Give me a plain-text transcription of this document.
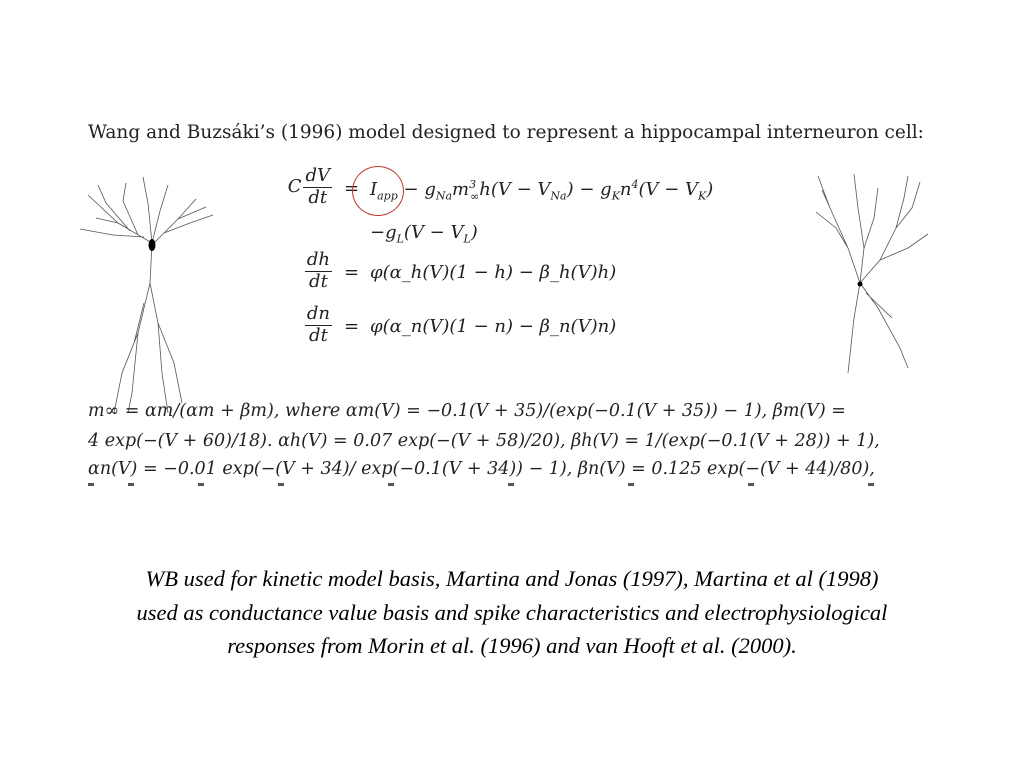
Wang and Buzsáki’s (1996) model designed to represent a hippocampal interneuron cell:
C $\frac{dV}{dt} = I_{app} - g_{Na}m^3_\infty h(V - V_{Na}) - g_Kn^4(V - V_K)$
$-g_L(V - V_L)$
$\frac{dh}{dt}$ = φ(α_h(V)(1 − h) − β_h(V)h)
$\frac{dn}{dt}$ = φ(α_n(V)(1 − n) − β_n(V)n)
m∞ = αm/(αm + βm), where αm(V) = −0.1(V + 35)/(exp(−0.1(V + 35)) − 1), βm(V) =
4 exp(−(V + 60)/18). αh(V) = 0.07 exp(−(V + 58)/20), βh(V) = 1/(exp(−0.1(V + 28)) + 1),
αn(V) = −0.01 exp(−(V + 34)/ exp(−0.1(V + 34)) − 1), βn(V) = 0.125 exp(−(V + 44)/80),
WB used for kinetic model basis, Martina and Jonas (1997), Martina et al (1998)
used as conductance value basis and spike characteristics and electrophysiological
responses from Morin et al. (1996) and van Hooft et al. (2000).
